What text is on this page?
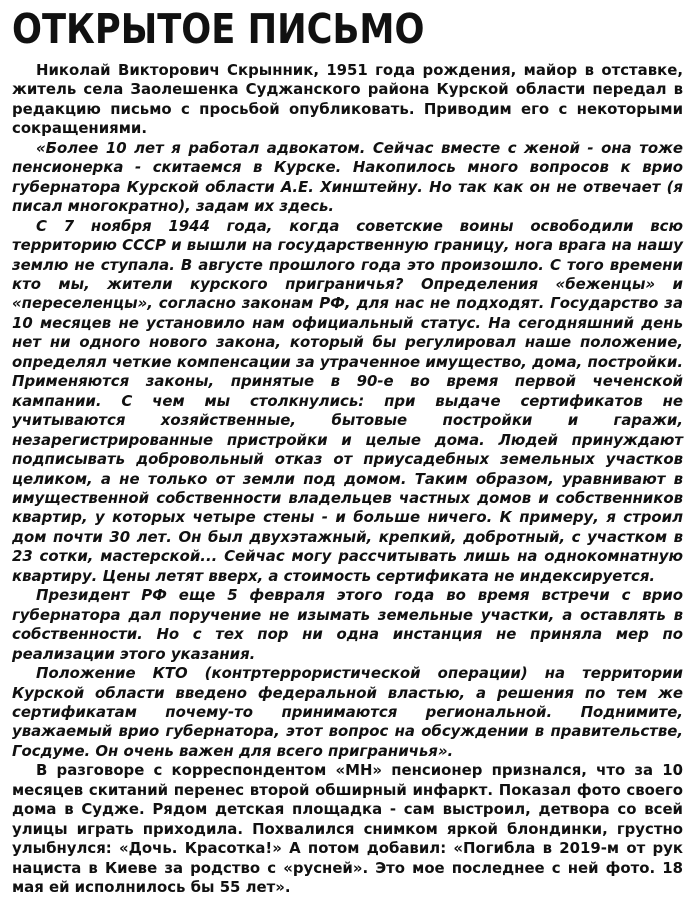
ОТКРЫТОЕ ПИСЬМО

Николай Викторович Скрынник, 1951 года рождения, майор в отставке, житель села Заолешенка Суджанского района Курской области передал в редакцию письмо с просьбой опубликовать. Приводим его с некоторыми сокращениями.

«Более 10 лет я работал адвокатом. Сейчас вместе с женой - она тоже пенсионерка - скитаемся в Курске. Накопилось много вопросов к врио губернатора Курской области А.Е. Хинштейну. Но так как он не отвечает (я писал многократно), задам их здесь.

С 7 ноября 1944 года, когда советские воины освободили всю территорию СССР и вышли на государственную границу, нога врага на нашу землю не ступала. В августе прошлого года это произошло. С того времени кто мы, жители курского приграничья? Определения «беженцы» и «переселенцы», согласно законам РФ, для нас не подходят. Государство за 10 месяцев не установило нам официальный статус. На сегодняшний день нет ни одного нового закона, который бы регулировал наше положение, определял четкие компенсации за утраченное имущество, дома, постройки. Применяются законы, принятые в 90-е во время первой чеченской кампании. С чем мы столкнулись: при выдаче сертификатов не учитываются хозяйственные, бытовые постройки и гаражи, незарегистрированные пристройки и целые дома. Людей принуждают подписывать добровольный отказ от приусадебных земельных участков целиком, а не только от земли под домом. Таким образом, уравнивают в имущественной собственности владельцев частных домов и собственников квартир, у которых четыре стены - и больше ничего. К примеру, я строил дом почти 30 лет. Он был двухэтажный, крепкий, добротный, с участком в 23 сотки, мастерской... Сейчас могу рассчитывать лишь на однокомнатную квартиру. Цены летят вверх, а стоимость сертификата не индексируется.

Президент РФ еще 5 февраля этого года во время встречи с врио губернатора дал поручение не изымать земельные участки, а оставлять в собственности. Но с тех пор ни одна инстанция не приняла мер по реализации этого указания.

Положение КТО (контртеррористической операции) на территории Курской области введено федеральной властью, а решения по тем же сертификатам почему-то принимаются региональной. Поднимите, уважаемый врио губернатора, этот вопрос на обсуждении в правительстве, Госдуме. Он очень важен для всего приграничья».

В разговоре с корреспондентом «МН» пенсионер признался, что за 10 месяцев скитаний перенес второй обширный инфаркт. Показал фото своего дома в Судже. Рядом детская площадка - сам выстроил, детвора со всей улицы играть приходила. Похвалился снимком яркой блондинки, грустно улыбнулся: «Дочь. Красотка!» А потом добавил: «Погибла в 2019-м от рук нациста в Киеве за родство с «русней». Это мое последнее с ней фото. 18 мая ей исполнилось бы 55 лет».
